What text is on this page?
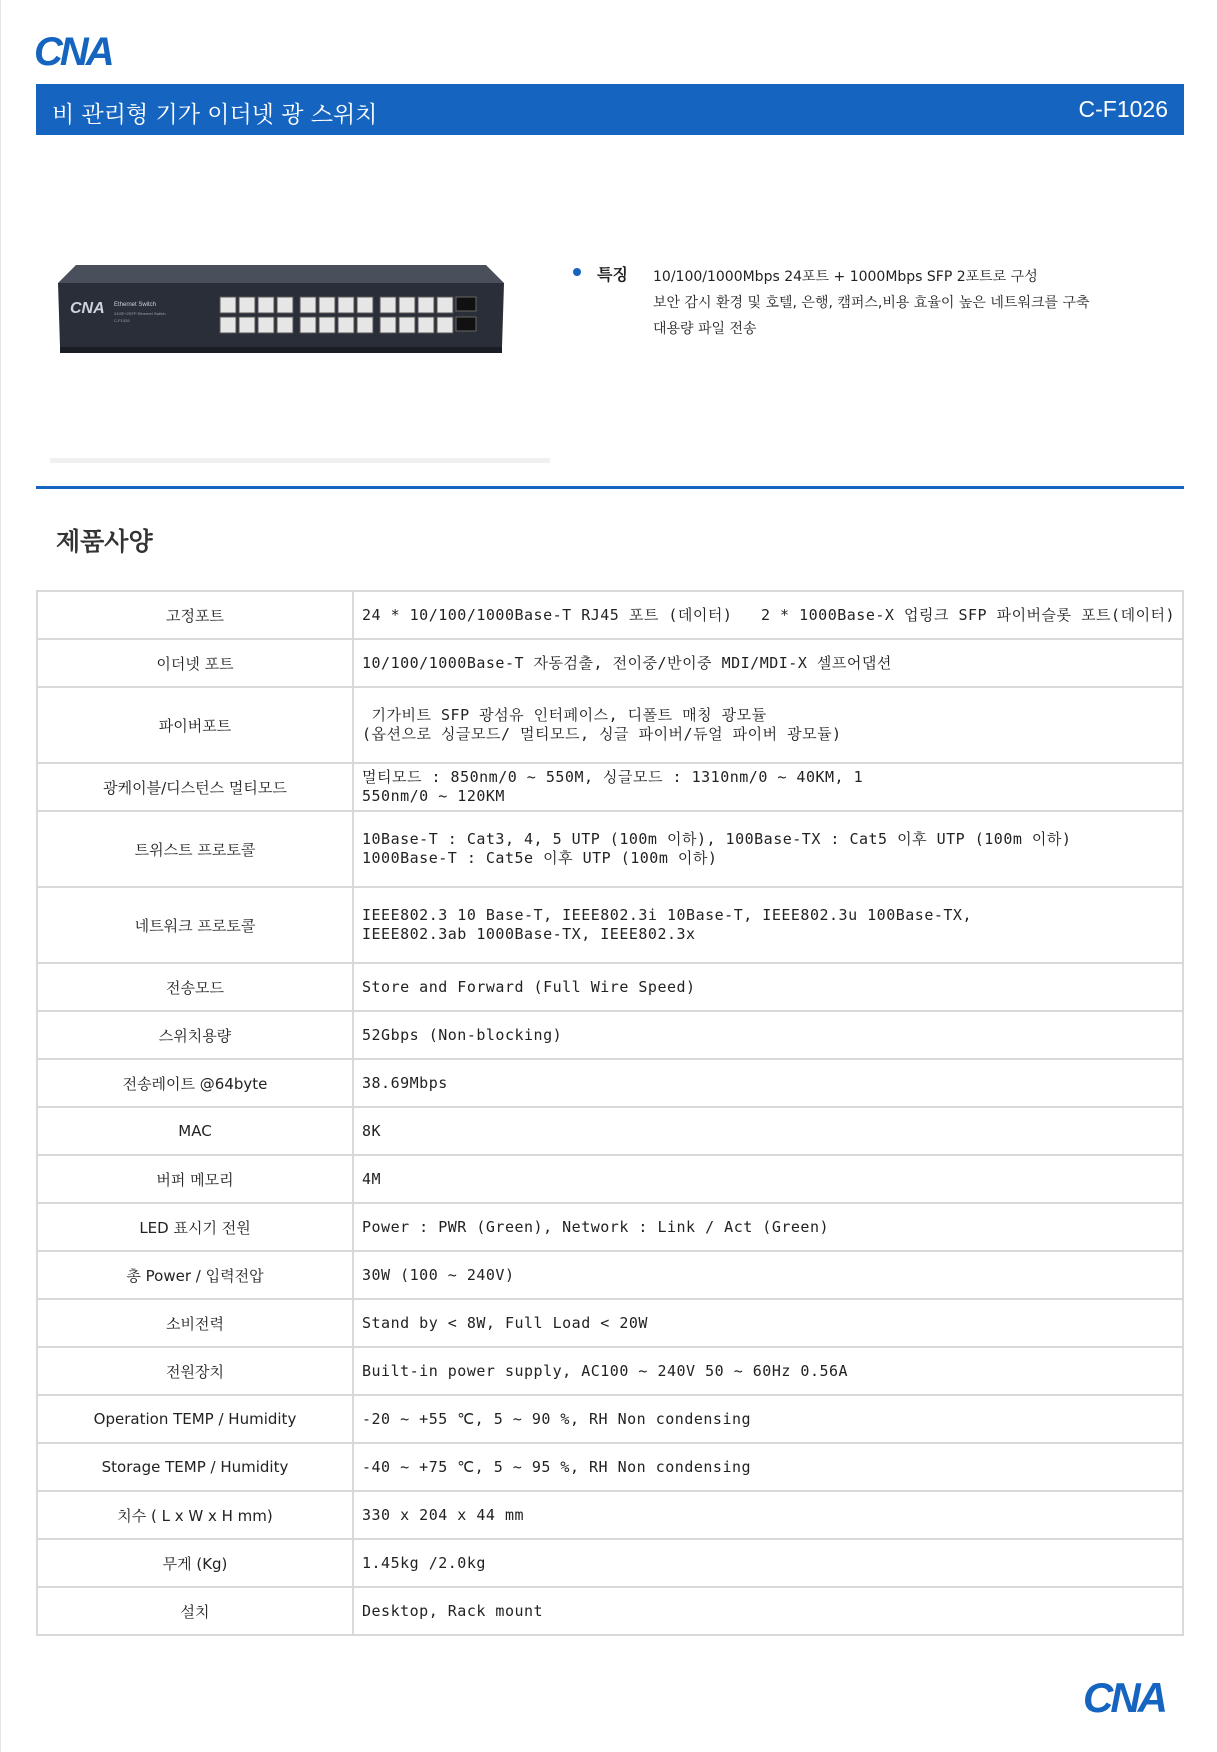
CNA
비 관리형 기가 이더넷 광 스위치	C-F1026
CNA Ethernet Switch
24GE+2SFP Ethernet Switch
C-F1026
특징 10/100/1000Mbps 24포트 + 1000Mbps SFP 2포트로 구성
보안 감시 환경 및 호텔, 은행, 캠퍼스,비용 효율이 높은 네트워크를 구축
대용량 파일 전송
제품사양
고정포트	24 * 10/100/1000Base-T RJ45 포트 (데이터)   2 * 1000Base-X 업링크 SFP 파이버슬롯 포트(데이터)

이더넷 포트	10/100/1000Base-T 자동검출, 전이중/반이중 MDI/MDI-X 셀프어댑션

파이버포트	기가비트 SFP 광섬유 인터페이스, 디폴트 매칭 광모듈
(옵션으로 싱글모드/ 멀티모드, 싱글 파이버/듀얼 파이버 광모듈)

광케이블/디스턴스 멀티모드	멀티모드 : 850nm/0 ~ 550M, 싱글모드 : 1310nm/0 ~ 40KM, 1
550nm/0 ~ 120KM

트위스트 프로토콜	10Base-T : Cat3, 4, 5 UTP (100m 이하), 100Base-TX : Cat5 이후 UTP (100m 이하)
1000Base-T : Cat5e 이후 UTP (100m 이하)

네트워크 프로토콜	IEEE802.3 10 Base-T, IEEE802.3i 10Base-T, IEEE802.3u 100Base-TX,
IEEE802.3ab 1000Base-TX, IEEE802.3x

전송모드	Store and Forward (Full Wire Speed)

스위치용량	52Gbps (Non-blocking)

전송레이트 @64byte	38.69Mbps

MAC	8K

버퍼 메모리	4M

LED 표시기 전원	Power : PWR (Green), Network : Link / Act (Green)

총 Power / 입력전압	30W (100 ~ 240V)

소비전력	Stand by < 8W, Full Load < 20W

전원장치	Built-in power supply, AC100 ~ 240V 50 ~ 60Hz 0.56A

Operation TEMP / Humidity	-20 ~ +55 ℃, 5 ~ 90 %, RH Non condensing

Storage TEMP / Humidity	-40 ~ +75 ℃, 5 ~ 95 %, RH Non condensing

치수 ( L x W x H mm)	330 x 204 x 44 mm

무게 (Kg)	1.45kg /2.0kg

설치	Desktop, Rack mount
CNA
